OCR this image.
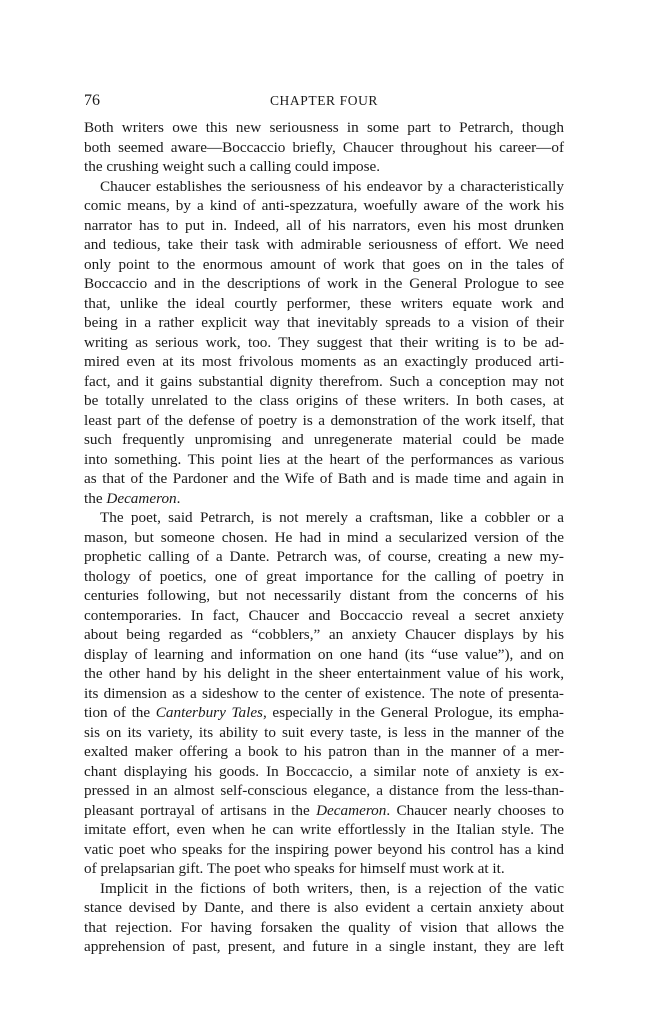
76	CHAPTER FOUR

Both writers owe this new seriousness in some part to Petrarch, though
both seemed aware—Boccaccio briefly, Chaucer throughout his career—of
the crushing weight such a calling could impose.

Chaucer establishes the seriousness of his endeavor by a characteristically
comic means, by a kind of anti-spezzatura, woefully aware of the work his
narrator has to put in. Indeed, all of his narrators, even his most drunken
and tedious, take their task with admirable seriousness of effort. We need
only point to the enormous amount of work that goes on in the tales of
Boccaccio and in the descriptions of work in the General Prologue to see
that, unlike the ideal courtly performer, these writers equate work and
being in a rather explicit way that inevitably spreads to a vision of their
writing as serious work, too. They suggest that their writing is to be ad-
mired even at its most frivolous moments as an exactingly produced arti-
fact, and it gains substantial dignity therefrom. Such a conception may not
be totally unrelated to the class origins of these writers. In both cases, at
least part of the defense of poetry is a demonstration of the work itself, that
such frequently unpromising and unregenerate material could be made
into something. This point lies at the heart of the performances as various
as that of the Pardoner and the Wife of Bath and is made time and again in
the Decameron.

The poet, said Petrarch, is not merely a craftsman, like a cobbler or a
mason, but someone chosen. He had in mind a secularized version of the
prophetic calling of a Dante. Petrarch was, of course, creating a new my-
thology of poetics, one of great importance for the calling of poetry in
centuries following, but not necessarily distant from the concerns of his
contemporaries. In fact, Chaucer and Boccaccio reveal a secret anxiety
about being regarded as “cobblers,” an anxiety Chaucer displays by his
display of learning and information on one hand (its “use value”), and on
the other hand by his delight in the sheer entertainment value of his work,
its dimension as a sideshow to the center of existence. The note of presenta-
tion of the Canterbury Tales, especially in the General Prologue, its empha-
sis on its variety, its ability to suit every taste, is less in the manner of the
exalted maker offering a book to his patron than in the manner of a mer-
chant displaying his goods. In Boccaccio, a similar note of anxiety is ex-
pressed in an almost self-conscious elegance, a distance from the less-than-
pleasant portrayal of artisans in the Decameron. Chaucer nearly chooses to
imitate effort, even when he can write effortlessly in the Italian style. The
vatic poet who speaks for the inspiring power beyond his control has a kind
of prelapsarian gift. The poet who speaks for himself must work at it.

Implicit in the fictions of both writers, then, is a rejection of the vatic
stance devised by Dante, and there is also evident a certain anxiety about
that rejection. For having forsaken the quality of vision that allows the
apprehension of past, present, and future in a single instant, they are left
